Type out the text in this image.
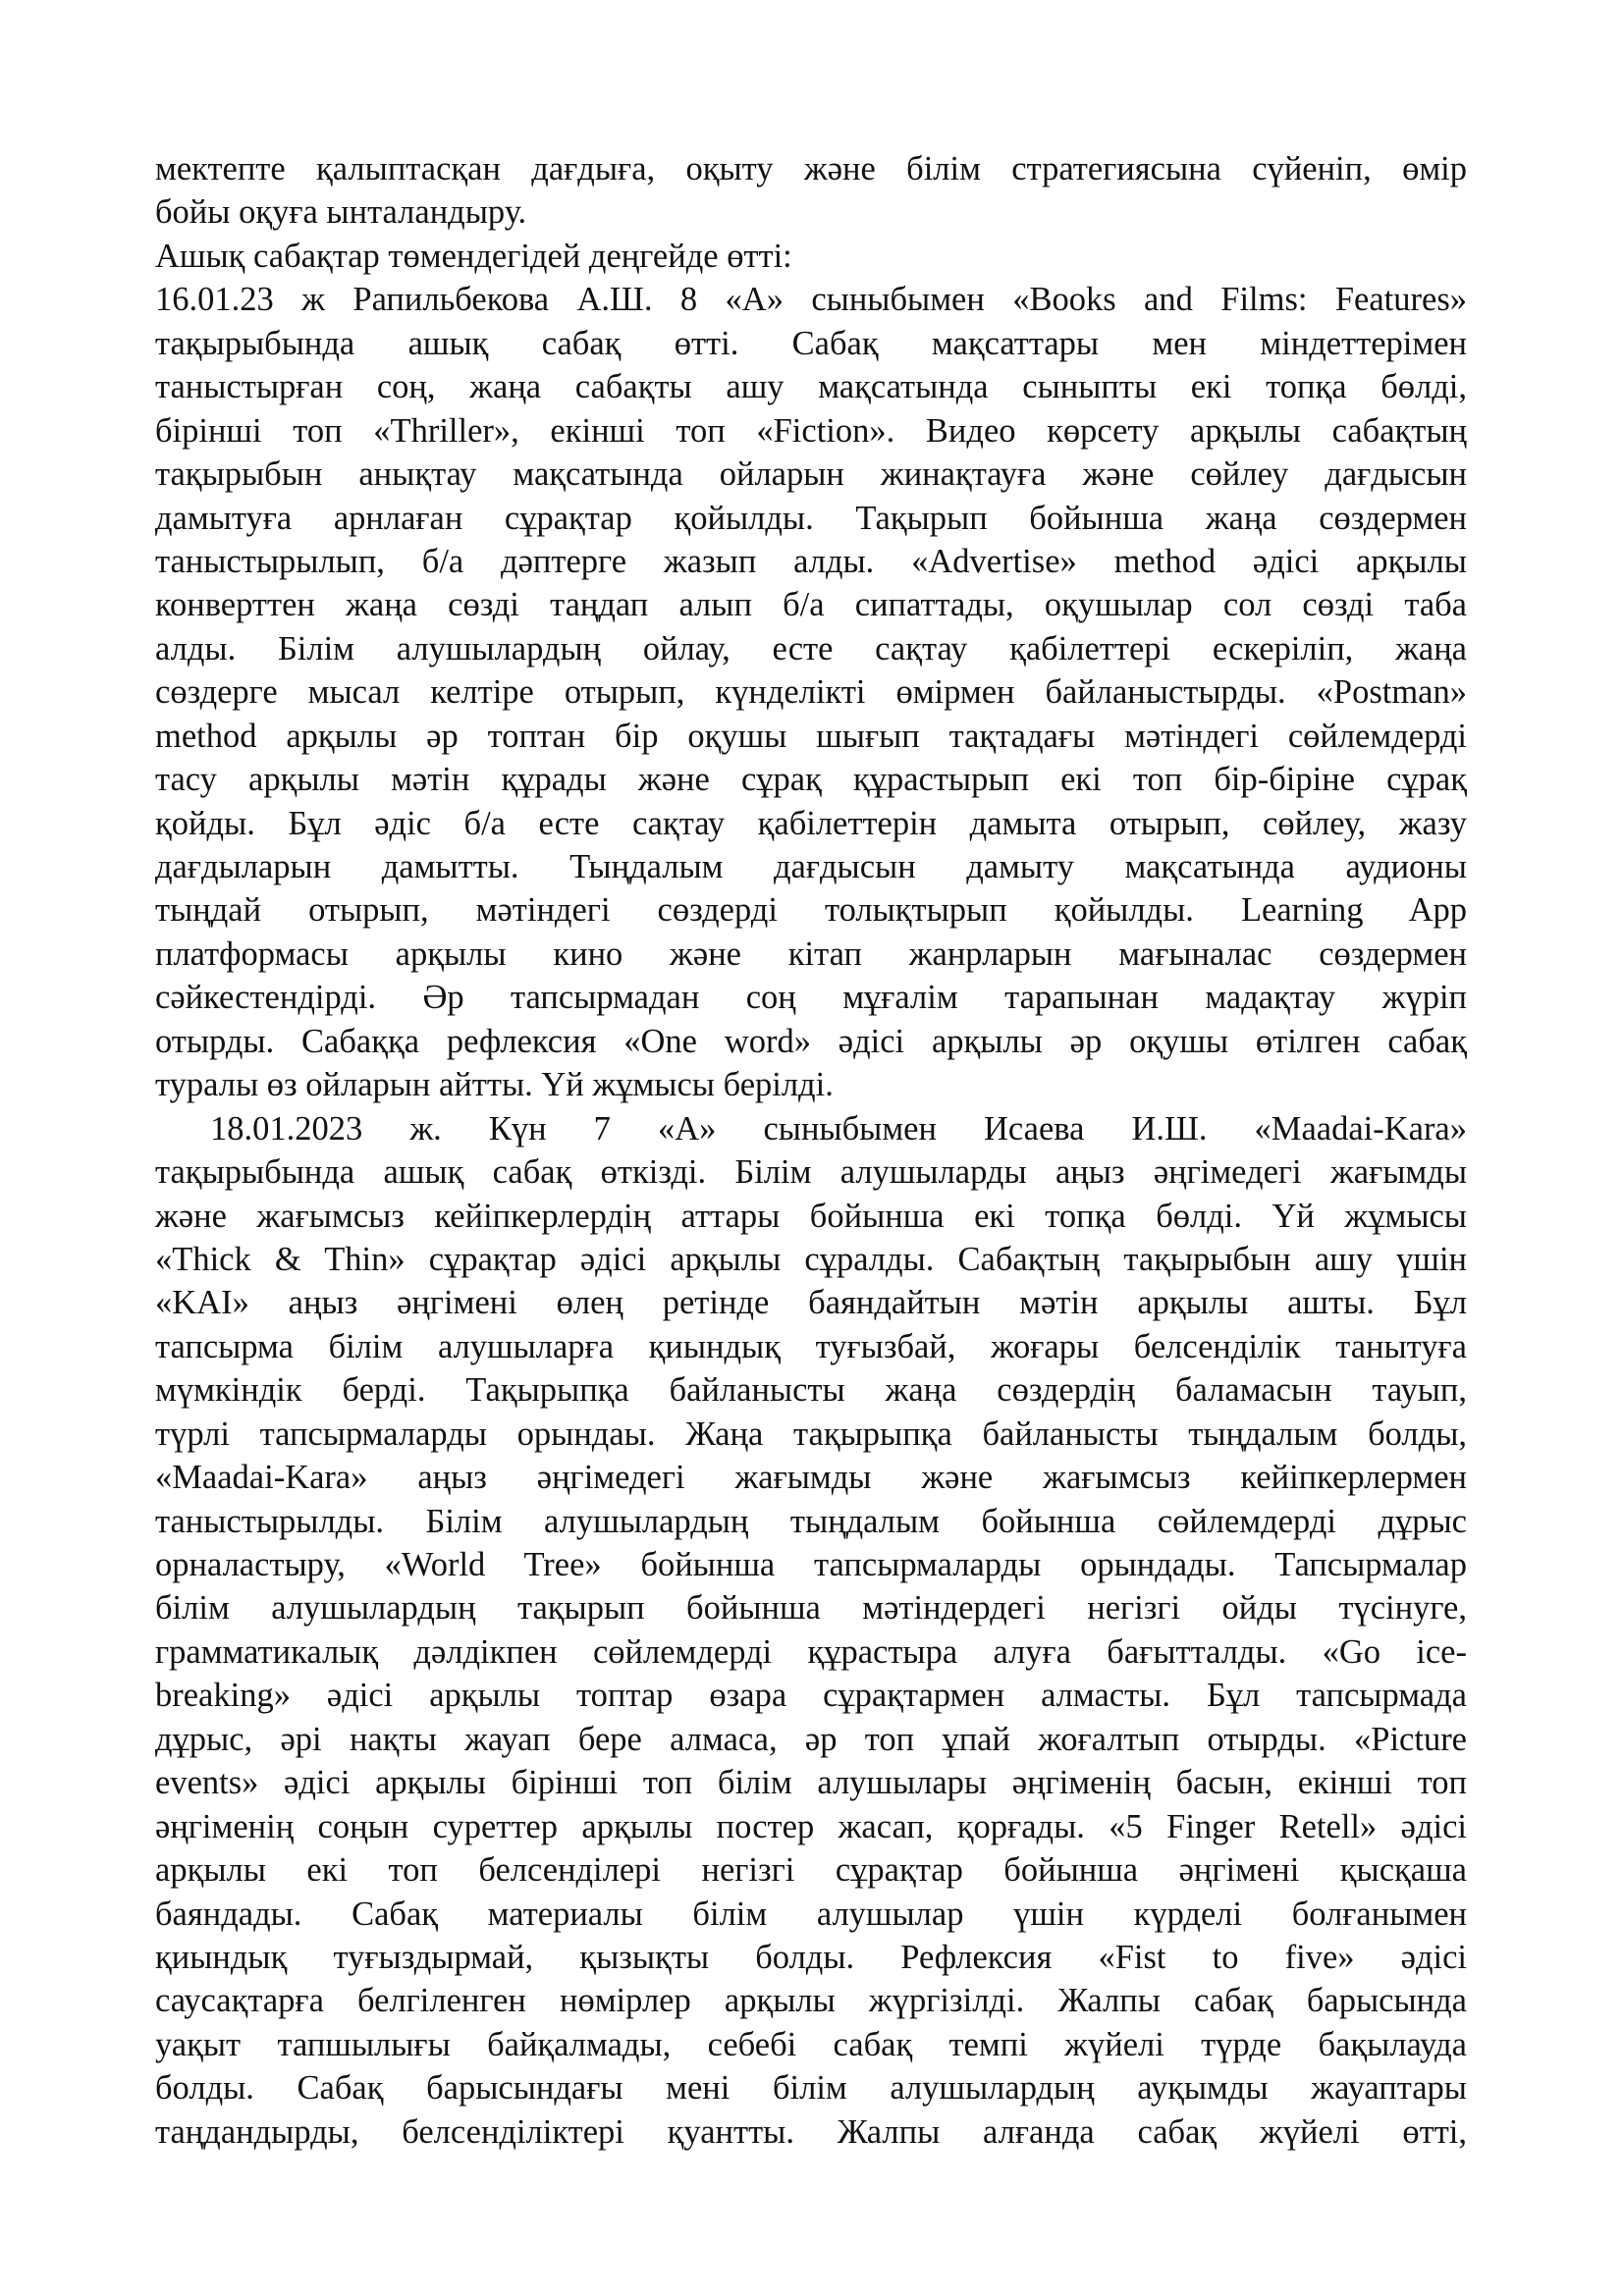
мектепте қалыптасқан дағдыға, оқыту және білім стратегиясына сүйеніп, өмір
бойы оқуға ынталандыру.
Ашық сабақтар төмендегідей деңгейде өтті:
16.01.23 ж Рапильбекова А.Ш. 8 «А» сыныбымен «Books and Films: Features»
тақырыбында ашық сабақ өтті. Сабақ мақсаттары мен міндеттерімен
таныстырған соң, жаңа сабақты ашу мақсатында сыныпты екі топқа бөлді,
бірінші топ «Thriller», екінші топ «Fiction». Видео көрсету арқылы сабақтың
тақырыбын анықтау мақсатында ойларын жинақтауға және сөйлеу дағдысын
дамытуға арнлаған сұрақтар қойылды. Тақырып бойынша жаңа сөздермен
таныстырылып, б/а дәптерге жазып алды. «Advertise» method әдісі арқылы
конверттен жаңа сөзді таңдап алып б/а сипаттады, оқушылар сол сөзді таба
алды. Білім алушылардың ойлау, есте сақтау қабілеттері ескеріліп, жаңа
сөздерге мысал келтіре отырып, күнделікті өмірмен байланыстырды. «Postman»
method арқылы әр топтан бір оқушы шығып тақтадағы мәтіндегі сөйлемдерді
тасу арқылы мәтін құрады және сұрақ құрастырып екі топ бір-біріне сұрақ
қойды. Бұл әдіс б/а есте сақтау қабілеттерін дамыта отырып, сөйлеу, жазу
дағдыларын дамытты. Тыңдалым дағдысын дамыту мақсатында аудионы
тыңдай отырып, мәтіндегі сөздерді толықтырып қойылды. Learning App
платформасы арқылы кино және кітап жанрларын мағыналас сөздермен
сәйкестендірді. Әр тапсырмадан соң мұғалім тарапынан мадақтау жүріп
отырды. Сабаққа рефлексия «One word» әдісі арқылы әр оқушы өтілген сабақ
туралы өз ойларын айтты. Үй жұмысы берілді.
18.01.2023 ж. Күн 7 «А» сыныбымен Исаева И.Ш. «Maadai-Kara»
тақырыбында ашық сабақ өткізді. Білім алушыларды аңыз әңгімедегі жағымды
және жағымсыз кейіпкерлердің аттары бойынша екі топқа бөлді. Үй жұмысы
«Thick & Thin» сұрақтар әдісі арқылы сұралды. Сабақтың тақырыбын ашу үшін
«KAI» аңыз әңгімені өлең ретінде баяндайтын мәтін арқылы ашты. Бұл
тапсырма білім алушыларға қиындық туғызбай, жоғары белсенділік танытуға
мүмкіндік берді. Тақырыпқа байланысты жаңа сөздердің баламасын тауып,
түрлі тапсырмаларды орындаы. Жаңа тақырыпқа байланысты тыңдалым болды,
«Maadai-Kara» аңыз әңгімедегі жағымды және жағымсыз кейіпкерлермен
таныстырылды. Білім алушылардың тыңдалым бойынша сөйлемдерді дұрыс
орналастыру, «World Tree» бойынша тапсырмаларды орындады. Тапсырмалар
білім алушылардың тақырып бойынша мәтіндердегі негізгі ойды түсінуге,
грамматикалық дәлдікпен сөйлемдерді құрастыра алуға бағытталды. «Go ice-
breaking» әдісі арқылы топтар өзара сұрақтармен алмасты. Бұл тапсырмада
дұрыс, әрі нақты жауап бере алмаса, әр топ ұпай жоғалтып отырды. «Picture
events» әдісі арқылы бірінші топ білім алушылары әңгіменің басын, екінші топ
әңгіменің соңын суреттер арқылы постер жасап, қорғады. «5 Finger Retell» әдісі
арқылы екі топ белсенділері негізгі сұрақтар бойынша әңгімені қысқаша
баяндады. Сабақ материалы білім алушылар үшін күрделі болғанымен
қиындық туғыздырмай, қызықты болды. Рефлексия «Fist to five» әдісі
саусақтарға белгіленген нөмірлер арқылы жүргізілді. Жалпы сабақ барысында
уақыт тапшылығы байқалмады, себебі сабақ темпі жүйелі түрде бақылауда
болды. Сабақ барысындағы мені білім алушылардың ауқымды жауаптары
таңдандырды, белсенділіктері қуантты. Жалпы алғанда сабақ жүйелі өтті,
